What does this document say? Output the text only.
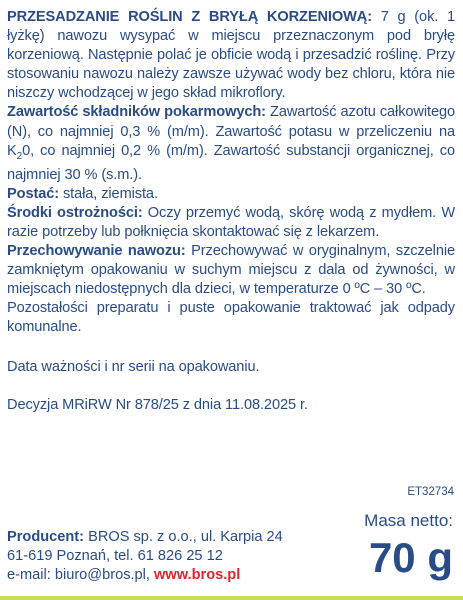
PRZESADZANIE ROŚLIN Z BRYŁĄ KORZENIOWĄ: 7 g (ok. 1 łyżkę) nawozu wysypać w miejscu przeznaczonym pod bryłę korzeniową. Następnie polać je obficie wodą i przesadzić roślinę. Przy stosowaniu nawozu należy zawsze używać wody bez chloru, która nie niszczy wchodzącej w jego skład mikroflory.

Zawartość składników pokarmowych: Zawartość azotu całkowitego (N), co najmniej 0,3 % (m/m). Zawartość potasu w przeliczeniu na $K_20$, co najmniej 0,2 % (m/m). Zawartość substancji organicznej, co najmniej 30 % (s.m.).

Postać: stała, ziemista.

Środki ostrożności: Oczy przemyć wodą, skórę wodą z mydłem. W razie potrzeby lub połknięcia skontaktować się z lekarzem.

Przechowywanie nawozu: Przechowywać w oryginalnym, szczelnie zamkniętym opakowaniu w suchym miejscu z dala od żywności, w miejscach niedostępnych dla dzieci, w temperaturze 0 ºC – 30 ºC.

Pozostałości preparatu i puste opakowanie traktować jak odpady komunalne.

Data ważności i nr serii na opakowaniu.

Decyzja MRiRW Nr 878/25 z dnia 11.08.2025 r.

ET32734
Producent: BROS sp. z o.o., ul. Karpia 24
61-619 Poznań, tel. 61 826 25 12
e-mail: biuro@bros.pl, www.bros.pl
Masa netto:
70 g
